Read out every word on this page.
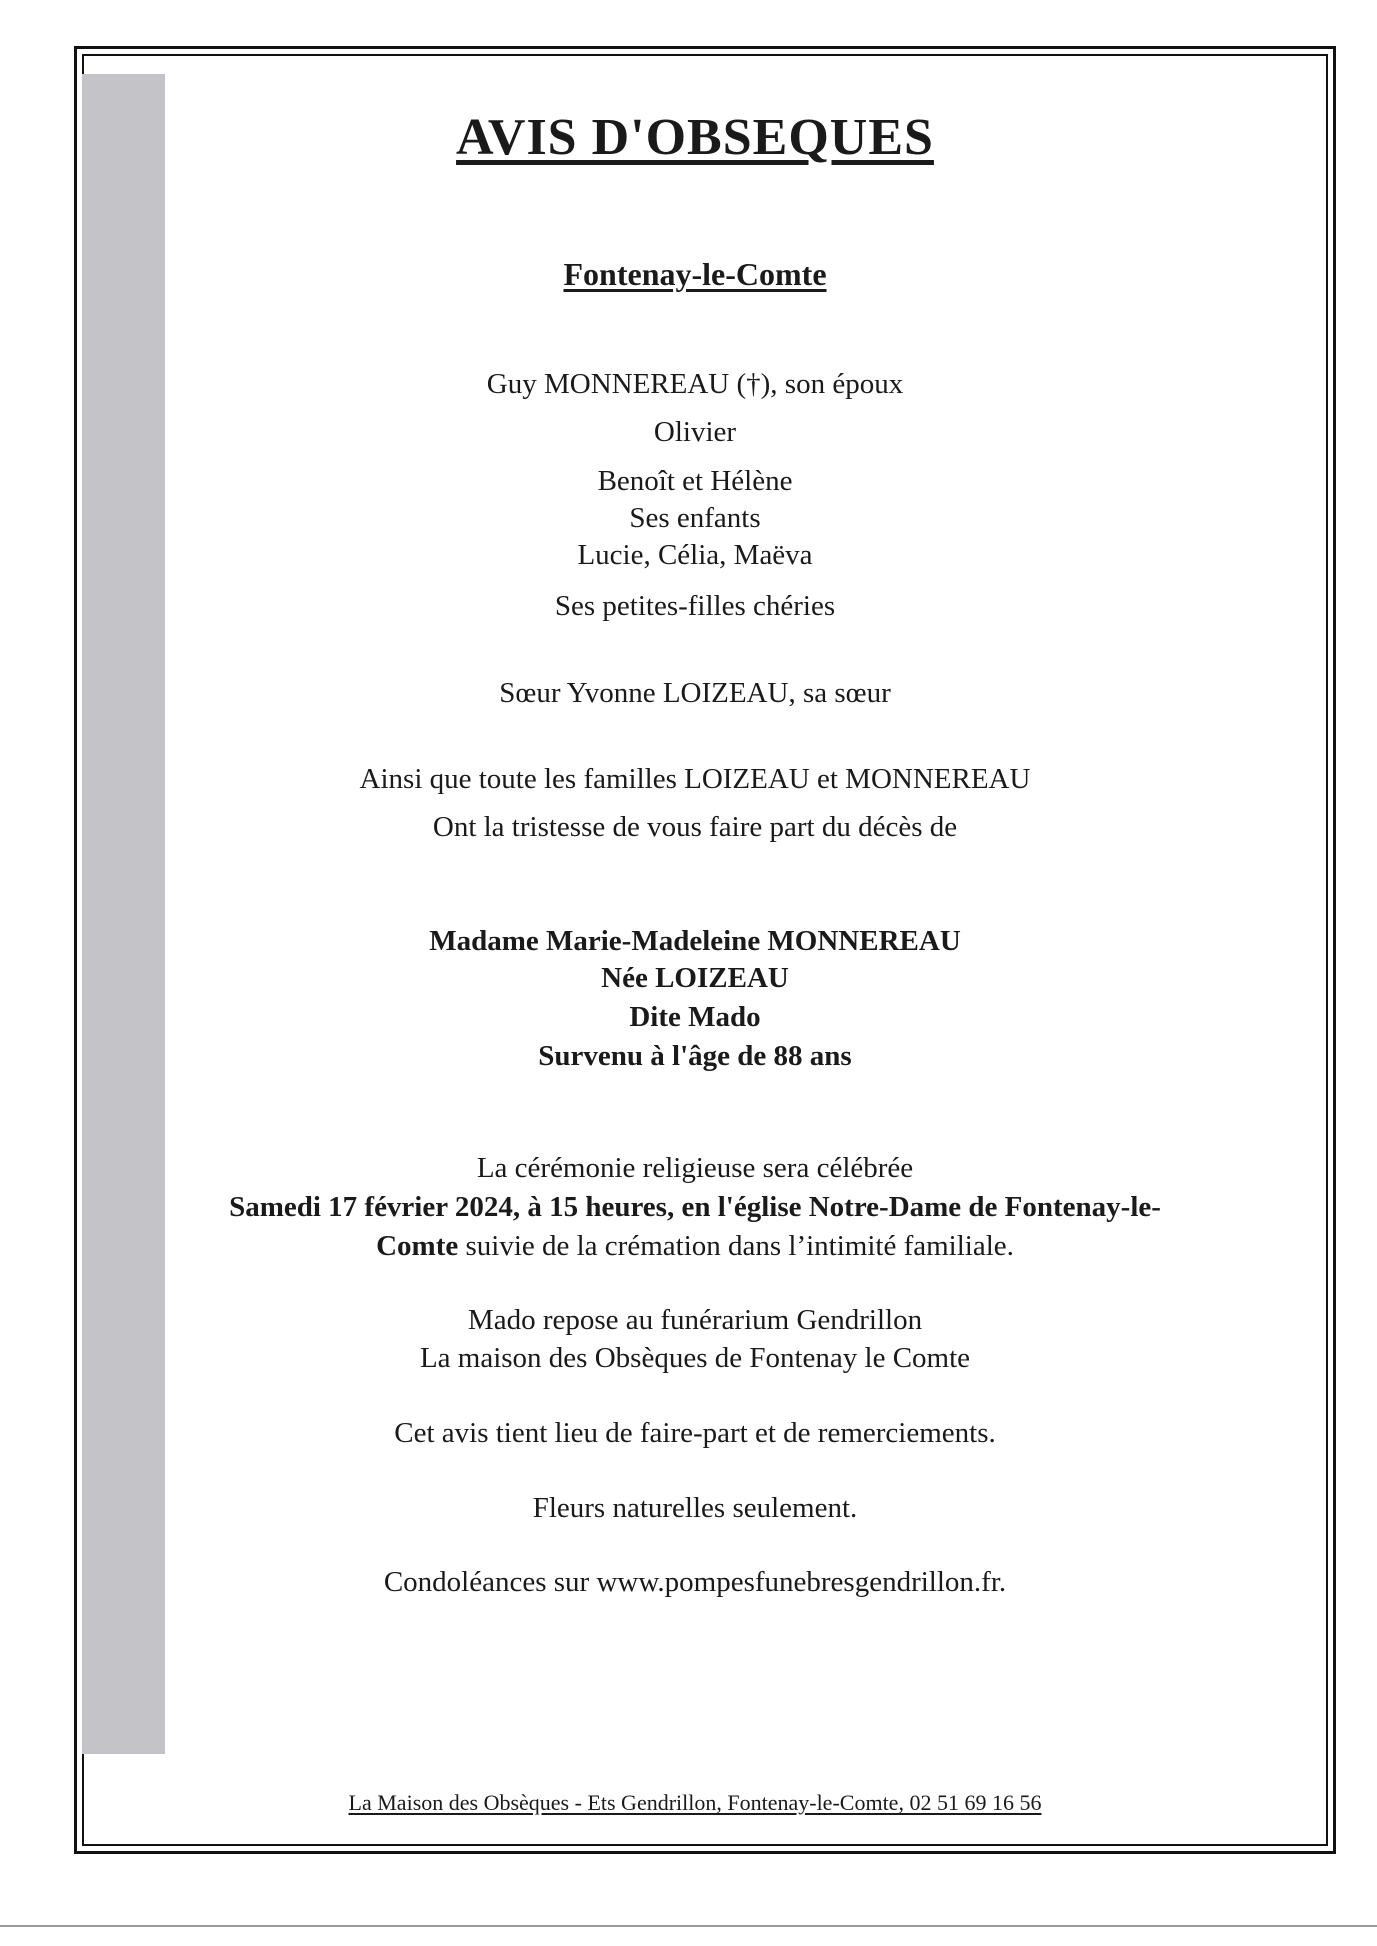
AVIS D'OBSEQUES
Fontenay-le-Comte
Guy MONNEREAU (†), son époux
Olivier
Benoît et Hélène
Ses enfants
Lucie, Célia, Maëva
Ses petites-filles chéries
Sœur Yvonne LOIZEAU, sa sœur
Ainsi que toute les familles LOIZEAU et MONNEREAU
Ont la tristesse de vous faire part du décès de
Madame Marie-Madeleine MONNEREAU
Née LOIZEAU
Dite Mado
Survenu à l'âge de 88 ans
La cérémonie religieuse sera célébrée
Samedi 17 février 2024, à 15 heures, en l'église Notre-Dame de Fontenay-le-
Comte suivie de la crémation dans l’intimité familiale.
Mado repose au funérarium Gendrillon
La maison des Obsèques de Fontenay le Comte
Cet avis tient lieu de faire-part et de remerciements.
Fleurs naturelles seulement.
Condoléances sur www.pompesfunebresgendrillon.fr.
La Maison des Obsèques - Ets Gendrillon, Fontenay-le-Comte, 02 51 69 16 56
